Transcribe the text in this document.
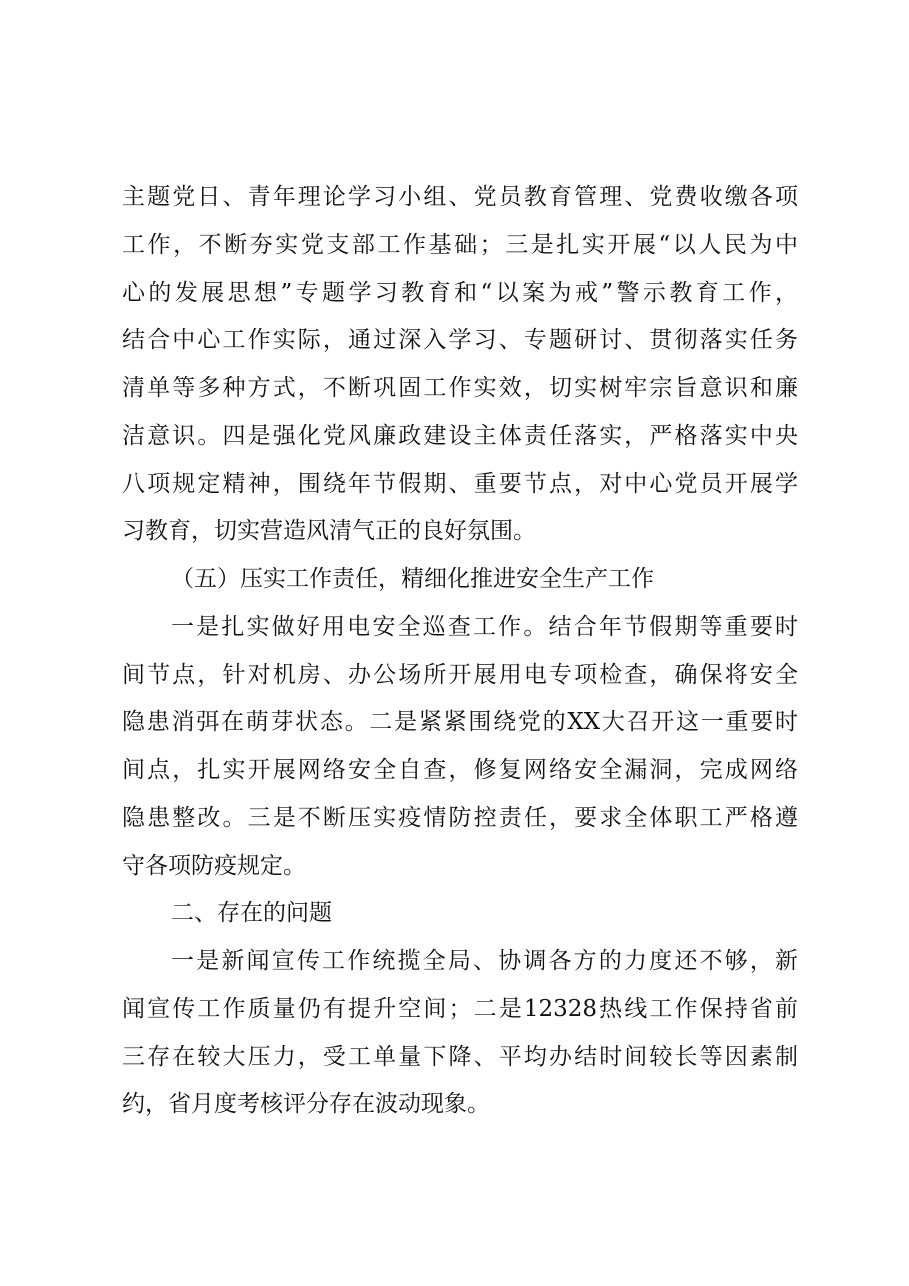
主题党日、青年理论学习小组、党员教育管理、党费收缴各项
工作，不断夯实党支部工作基础；三是扎实开展“以人民为中
心的发展思想”专题学习教育和“以案为戒”警示教育工作，
结合中心工作实际，通过深入学习、专题研讨、贯彻落实任务
清单等多种方式，不断巩固工作实效，切实树牢宗旨意识和廉
洁意识。四是强化党风廉政建设主体责任落实，严格落实中央
八项规定精神，围绕年节假期、重要节点，对中心党员开展学
习教育，切实营造风清气正的良好氛围。
（五）压实工作责任，精细化推进安全生产工作
一是扎实做好用电安全巡查工作。结合年节假期等重要时
间节点，针对机房、办公场所开展用电专项检查，确保将安全
隐患消弭在萌芽状态。二是紧紧围绕党的XX大召开这一重要时
间点，扎实开展网络安全自查，修复网络安全漏洞，完成网络
隐患整改。三是不断压实疫情防控责任，要求全体职工严格遵
守各项防疫规定。
二、存在的问题
一是新闻宣传工作统揽全局、协调各方的力度还不够，新
闻宣传工作质量仍有提升空间；二是12328热线工作保持省前
三存在较大压力，受工单量下降、平均办结时间较长等因素制
约，省月度考核评分存在波动现象。
